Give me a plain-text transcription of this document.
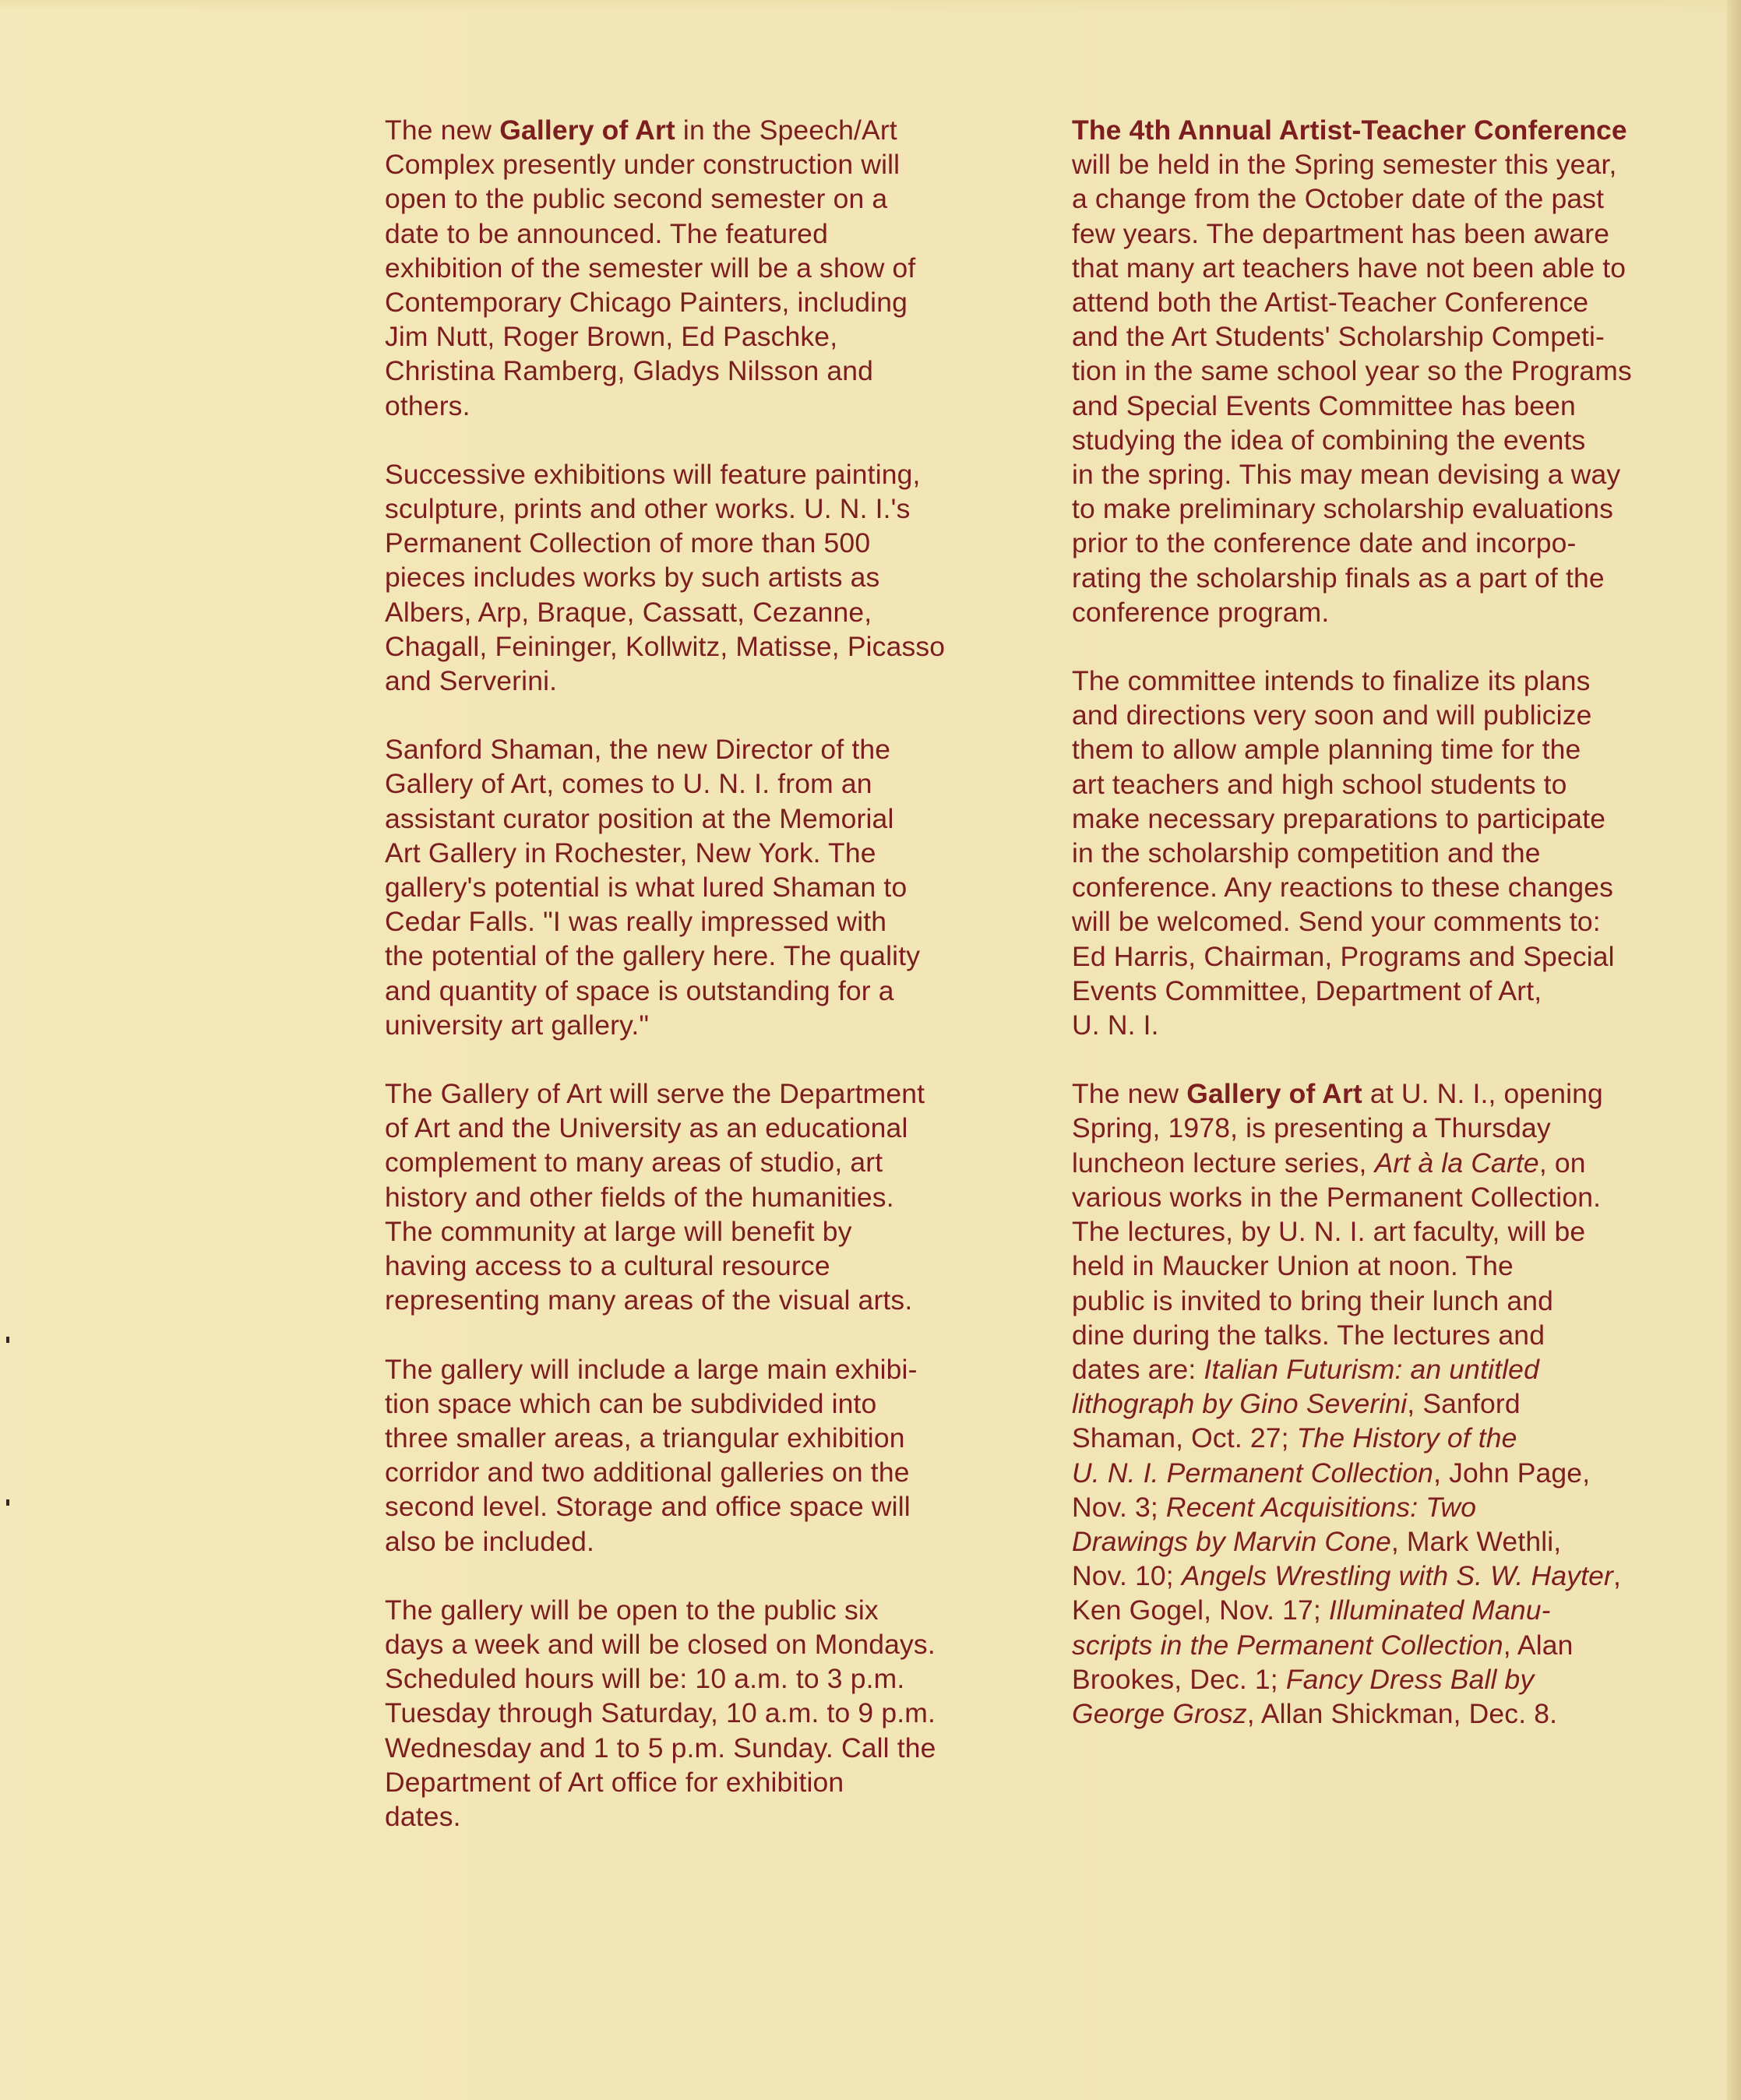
The new Gallery of Art in the Speech/Art
Complex presently under construction will
open to the public second semester on a
date to be announced. The featured
exhibition of the semester will be a show of
Contemporary Chicago Painters, including
Jim Nutt, Roger Brown, Ed Paschke,
Christina Ramberg, Gladys Nilsson and
others.

Successive exhibitions will feature painting,
sculpture, prints and other works. U. N. I.'s
Permanent Collection of more than 500
pieces includes works by such artists as
Albers, Arp, Braque, Cassatt, Cezanne,
Chagall, Feininger, Kollwitz, Matisse, Picasso
and Serverini.

Sanford Shaman, the new Director of the
Gallery of Art, comes to U. N. I. from an
assistant curator position at the Memorial
Art Gallery in Rochester, New York. The
gallery's potential is what lured Shaman to
Cedar Falls. "I was really impressed with
the potential of the gallery here. The quality
and quantity of space is outstanding for a
university art gallery."

The Gallery of Art will serve the Department
of Art and the University as an educational
complement to many areas of studio, art
history and other fields of the humanities.
The community at large will benefit by
having access to a cultural resource
representing many areas of the visual arts.

The gallery will include a large main exhibi-
tion space which can be subdivided into
three smaller areas, a triangular exhibition
corridor and two additional galleries on the
second level. Storage and office space will
also be included.

The gallery will be open to the public six
days a week and will be closed on Mondays.
Scheduled hours will be: 10 a.m. to 3 p.m.
Tuesday through Saturday, 10 a.m. to 9 p.m.
Wednesday and 1 to 5 p.m. Sunday. Call the
Department of Art office for exhibition
dates.

The 4th Annual Artist-Teacher Conference
will be held in the Spring semester this year,
a change from the October date of the past
few years. The department has been aware
that many art teachers have not been able to
attend both the Artist-Teacher Conference
and the Art Students' Scholarship Competi-
tion in the same school year so the Programs
and Special Events Committee has been
studying the idea of combining the events
in the spring. This may mean devising a way
to make preliminary scholarship evaluations
prior to the conference date and incorpo-
rating the scholarship finals as a part of the
conference program.

The committee intends to finalize its plans
and directions very soon and will publicize
them to allow ample planning time for the
art teachers and high school students to
make necessary preparations to participate
in the scholarship competition and the
conference. Any reactions to these changes
will be welcomed. Send your comments to:
Ed Harris, Chairman, Programs and Special
Events Committee, Department of Art,
U. N. I.

The new Gallery of Art at U. N. I., opening
Spring, 1978, is presenting a Thursday
luncheon lecture series, Art à la Carte, on
various works in the Permanent Collection.
The lectures, by U. N. I. art faculty, will be
held in Maucker Union at noon. The
public is invited to bring their lunch and
dine during the talks. The lectures and
dates are: Italian Futurism: an untitled
lithograph by Gino Severini, Sanford
Shaman, Oct. 27; The History of the
U. N. I. Permanent Collection, John Page,
Nov. 3; Recent Acquisitions: Two
Drawings by Marvin Cone, Mark Wethli,
Nov. 10; Angels Wrestling with S. W. Hayter,
Ken Gogel, Nov. 17; Illuminated Manu-
scripts in the Permanent Collection, Alan
Brookes, Dec. 1; Fancy Dress Ball by
George Grosz, Allan Shickman, Dec. 8.
